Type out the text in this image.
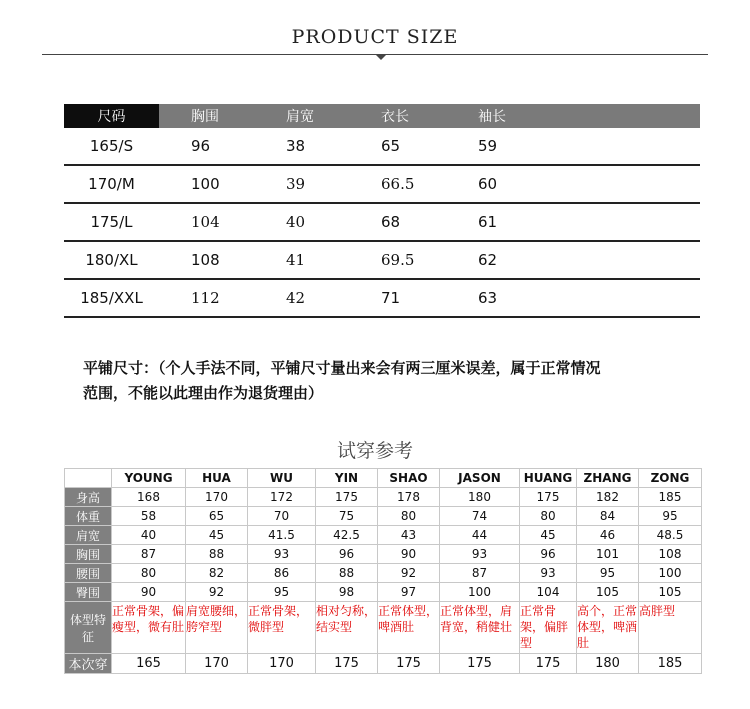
PRODUCT SIZE
尺码	胸围	肩宽	衣长	袖长
165/S	96	38	65	59
170/M	100	39	66.5	60
175/L	104	40	68	61
180/XL	108	41	69.5	62
185/XXL	112	42	71	63
平铺尺寸：（个人手法不同，平铺尺寸量出来会有两三厘米误差，属于正常情况
范围，不能以此理由作为退货理由）
试穿参考
	YOUNG	HUA	WU	YIN	SHAO	JASON	HUANG	ZHANG	ZONG
身高	168	170	172	175	178	180	175	182	185
体重	58	65	70	75	80	74	80	84	95
肩宽	40	45	41.5	42.5	43	44	45	46	48.5
胸围	87	88	93	96	90	93	96	101	108
腰围	80	82	86	88	92	87	93	95	100
臀围	90	92	95	98	97	100	104	105	105
体型特征	正常骨架，偏瘦型，微有肚	肩宽腰细，胯窄型	正常骨架，微胖型	相对匀称，结实型	正常体型，啤酒肚	正常体型，肩背宽，稍健壮	正常骨架，偏胖型	高个，正常体型，啤酒肚	高胖型
本次穿	165	170	170	175	175	175	175	180	185
